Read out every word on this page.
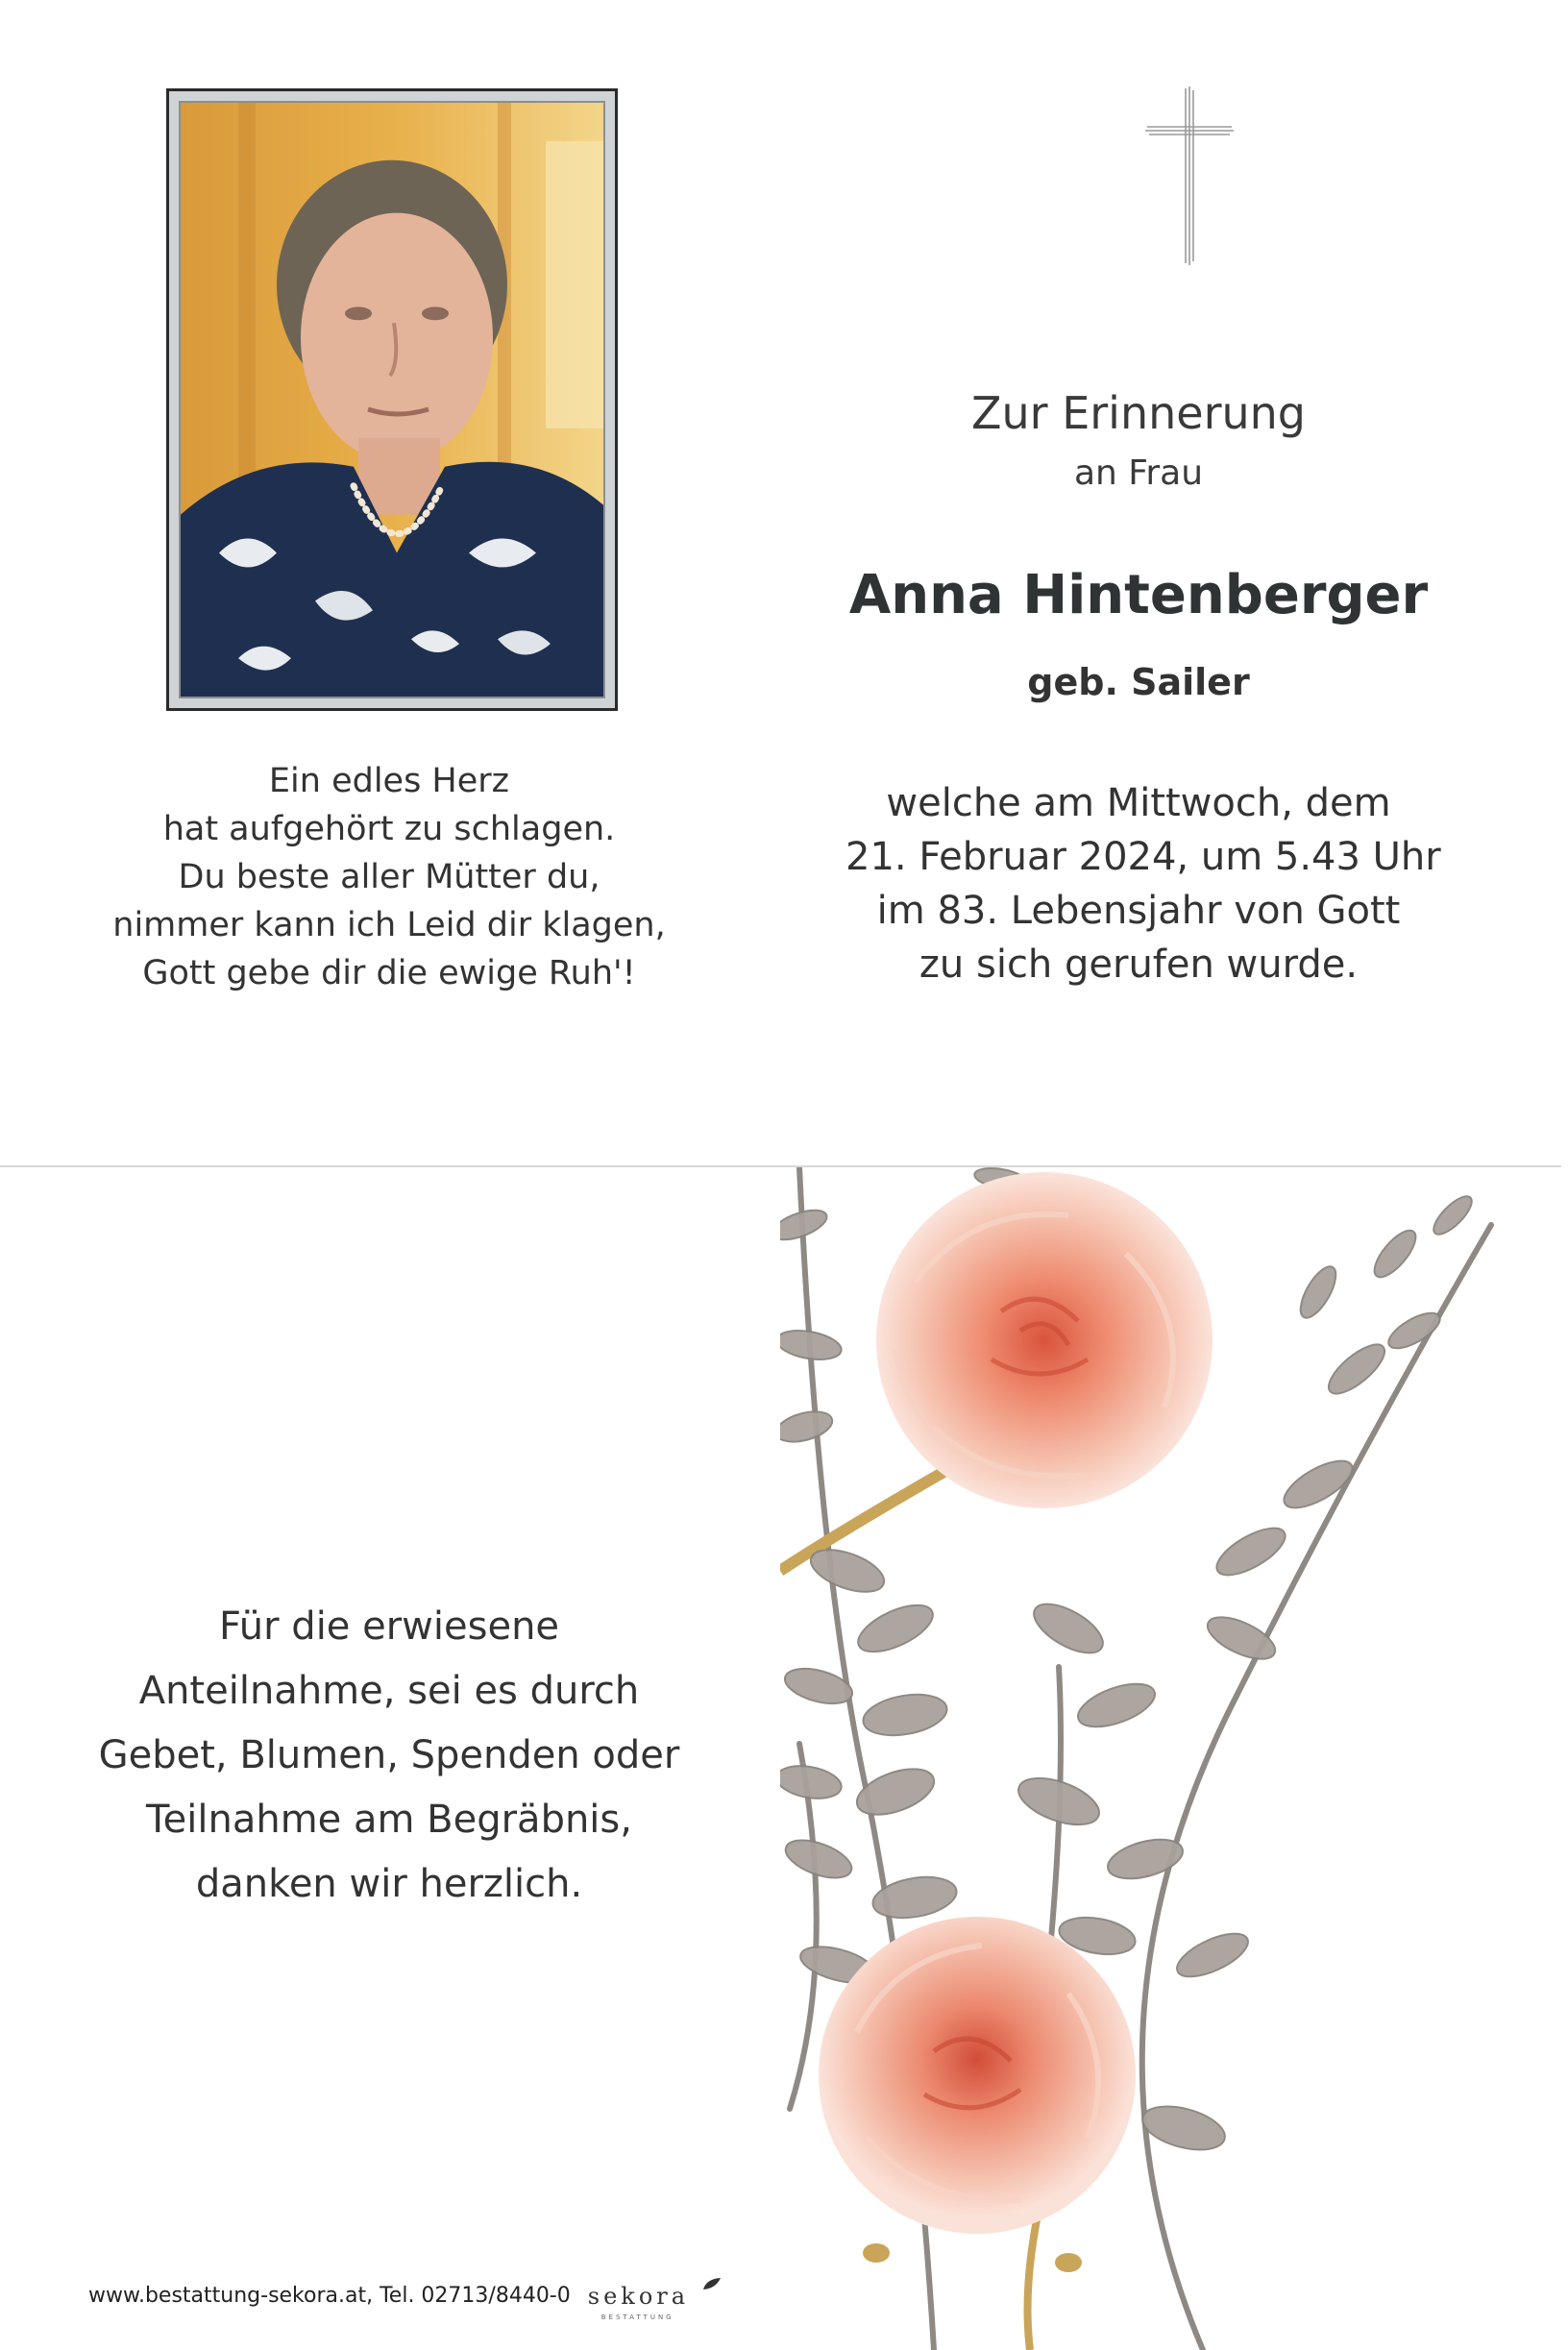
Zur Erinnerung
an Frau
Anna Hintenberger
geb. Sailer
welche am Mittwoch, dem
21. Februar 2024, um 5.43 Uhr
im 83. Lebensjahr von Gott
zu sich gerufen wurde.
Ein edles Herz
hat aufgehört zu schlagen.
Du beste aller Mütter du,
nimmer kann ich Leid dir klagen,
Gott gebe dir die ewige Ruh'!
Für die erwiesene
Anteilnahme, sei es durch
Gebet, Blumen, Spenden oder
Teilnahme am Begräbnis,
danken wir herzlich.
www.bestattung-sekora.at, Tel. 02713/8440-0 sekora
BESTATTUNG
